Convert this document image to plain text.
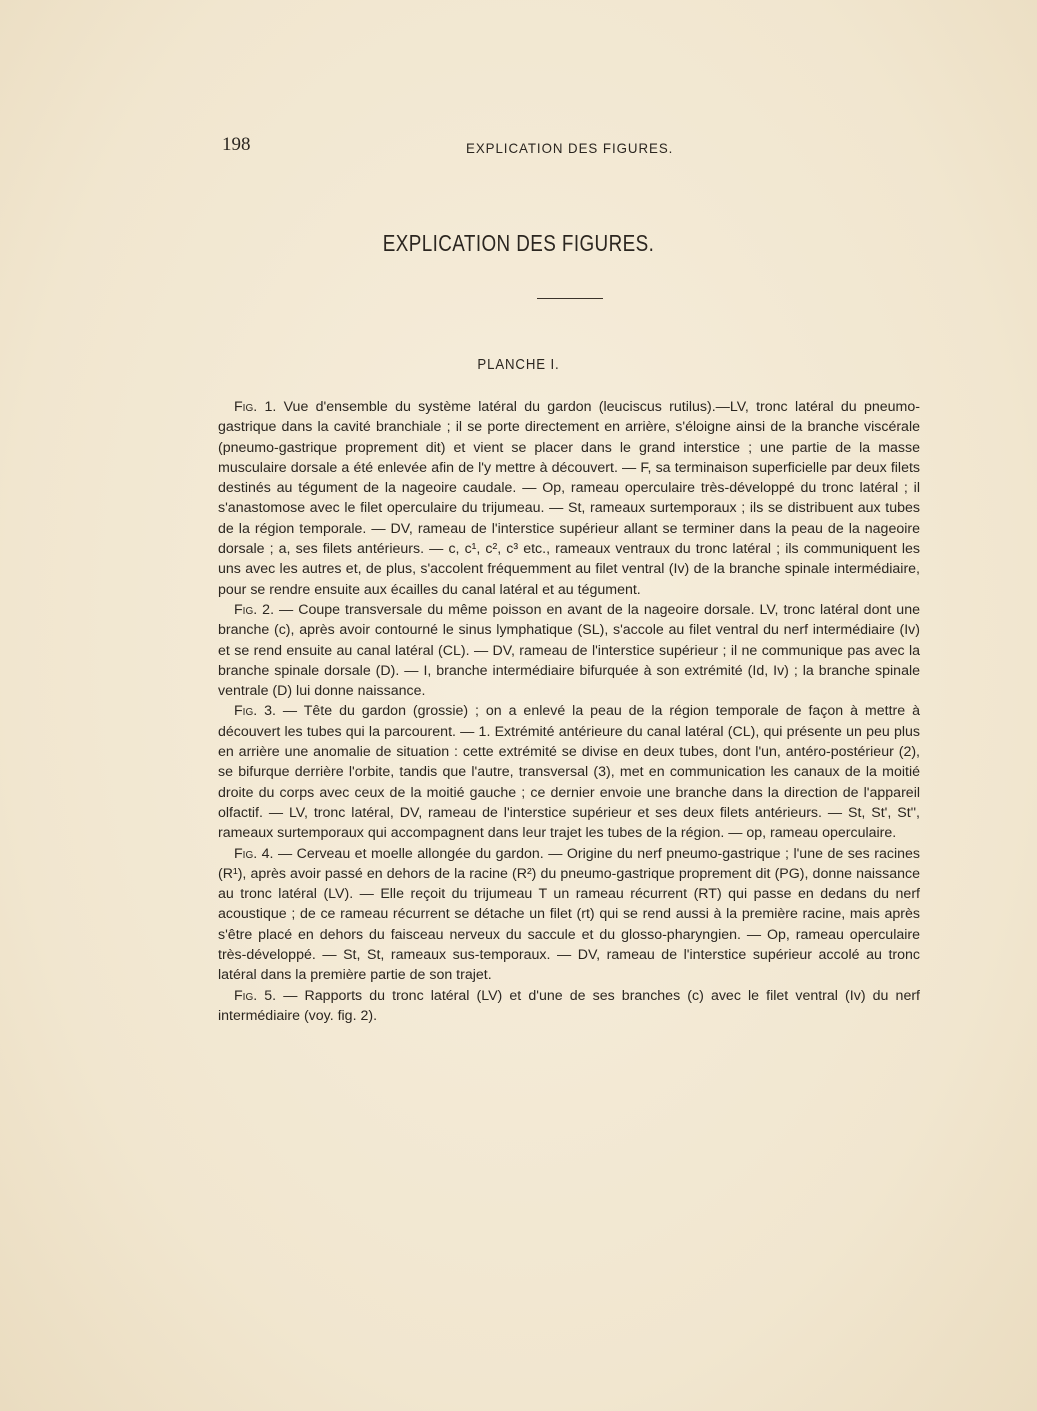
198	EXPLICATION DES FIGURES.
EXPLICATION DES FIGURES.
PLANCHE I.

Fig. 1. Vue d'ensemble du système latéral du gardon (leuciscus rutilus).—LV, tronc latéral du pneumo-gastrique dans la cavité branchiale ; il se porte directement en arrière, s'éloigne ainsi de la branche viscérale (pneumo-gastrique proprement dit) et vient se placer dans le grand interstice ; une partie de la masse musculaire dorsale a été enlevée afin de l'y mettre à découvert. — F, sa terminaison superficielle par deux filets destinés au tégument de la nageoire caudale. — Op, rameau operculaire très-développé du tronc latéral ; il s'anastomose avec le filet operculaire du trijumeau. — St, rameaux surtemporaux ; ils se distribuent aux tubes de la région temporale. — DV, rameau de l'interstice supérieur allant se terminer dans la peau de la nageoire dorsale ; a, ses filets antérieurs. — c, c¹, c², c³ etc., rameaux ventraux du tronc latéral ; ils communiquent les uns avec les autres et, de plus, s'accolent fréquemment au filet ventral (Iv) de la branche spinale intermédiaire, pour se rendre ensuite aux écailles du canal latéral et au tégument.

Fig. 2. — Coupe transversale du même poisson en avant de la nageoire dorsale. LV, tronc latéral dont une branche (c), après avoir contourné le sinus lymphatique (SL), s'accole au filet ventral du nerf intermédiaire (Iv) et se rend ensuite au canal latéral (CL). — DV, rameau de l'interstice supérieur ; il ne communique pas avec la branche spinale dorsale (D). — I, branche intermédiaire bifurquée à son extrémité (Id, Iv) ; la branche spinale ventrale (D) lui donne naissance.

Fig. 3. — Tête du gardon (grossie) ; on a enlevé la peau de la région temporale de façon à mettre à découvert les tubes qui la parcourent. — 1. Extrémité antérieure du canal latéral (CL), qui présente un peu plus en arrière une anomalie de situation : cette extrémité se divise en deux tubes, dont l'un, antéro-postérieur (2), se bifurque derrière l'orbite, tandis que l'autre, transversal (3), met en communication les canaux de la moitié droite du corps avec ceux de la moitié gauche ; ce dernier envoie une branche dans la direction de l'appareil olfactif. — LV, tronc latéral, DV, rameau de l'interstice supérieur et ses deux filets antérieurs. — St, St', St'', rameaux surtemporaux qui accompagnent dans leur trajet les tubes de la région. — op, rameau operculaire.

Fig. 4. — Cerveau et moelle allongée du gardon. — Origine du nerf pneumo-gastrique ; l'une de ses racines (R¹), après avoir passé en dehors de la racine (R²) du pneumo-gastrique proprement dit (PG), donne naissance au tronc latéral (LV). — Elle reçoit du trijumeau T un rameau récurrent (RT) qui passe en dedans du nerf acoustique ; de ce rameau récurrent se détache un filet (rt) qui se rend aussi à la première racine, mais après s'être placé en dehors du faisceau nerveux du saccule et du glosso-pharyngien. — Op, rameau operculaire très-développé. — St, St, rameaux sus-temporaux. — DV, rameau de l'interstice supérieur accolé au tronc latéral dans la première partie de son trajet.

Fig. 5. — Rapports du tronc latéral (LV) et d'une de ses branches (c) avec le filet ventral (Iv) du nerf intermédiaire (voy. fig. 2).
